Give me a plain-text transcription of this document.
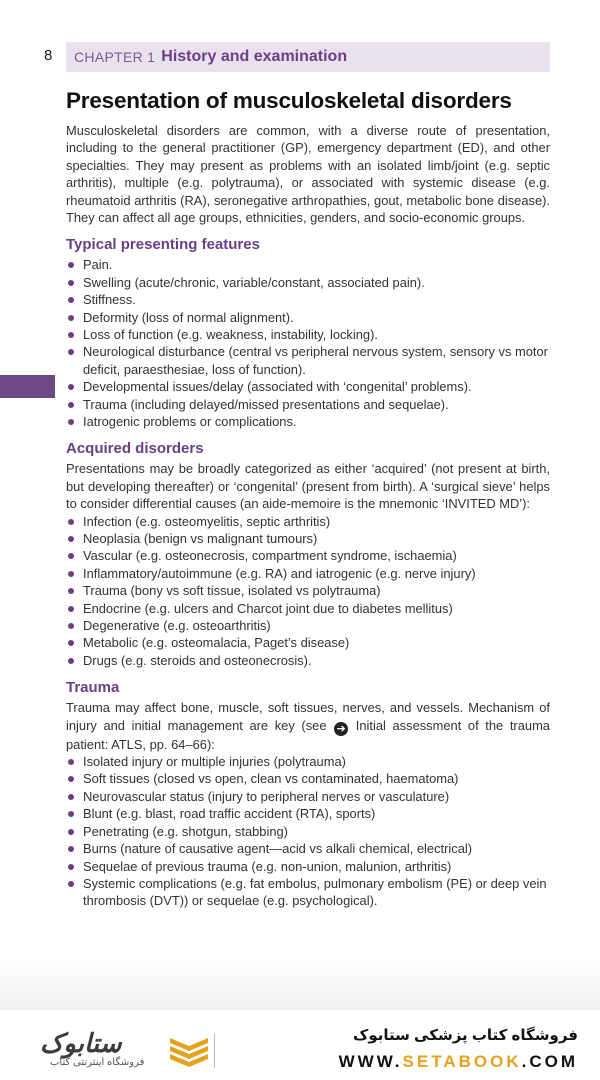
8 CHAPTER 1 History and examination
Presentation of musculoskeletal disorders

Musculoskeletal disorders are common, with a diverse route of presentation, including to the general practitioner (GP), emergency department (ED), and other specialties. They may present as problems with an isolated limb/joint (e.g. septic arthritis), multiple (e.g. polytrauma), or associated with systemic disease (e.g. rheumatoid arthritis (RA), seronegative arthropathies, gout, metabolic bone disease). They can affect all age groups, ethnicities, genders, and socio-economic groups.

Typical presenting features
Pain.
Swelling (acute/chronic, variable/constant, associated pain).
Stiffness.
Deformity (loss of normal alignment).
Loss of function (e.g. weakness, instability, locking).
Neurological disturbance (central vs peripheral nervous system, sensory vs motor deficit, paraesthesiae, loss of function).
Developmental issues/delay (associated with ‘congenital’ problems).
Trauma (including delayed/missed presentations and sequelae).
Iatrogenic problems or complications.
Acquired disorders

Presentations may be broadly categorized as either ‘acquired’ (not present at birth, but developing thereafter) or ‘congenital’ (present from birth). A ‘surgical sieve’ helps to consider differential causes (an aide-memoire is the mnemonic ‘INVITED MD’):

Infection (e.g. osteomyelitis, septic arthritis)
Neoplasia (benign vs malignant tumours)
Vascular (e.g. osteonecrosis, compartment syndrome, ischaemia)
Inflammatory/autoimmune (e.g. RA) and iatrogenic (e.g. nerve injury)
Trauma (bony vs soft tissue, isolated vs polytrauma)
Endocrine (e.g. ulcers and Charcot joint due to diabetes mellitus)
Degenerative (e.g. osteoarthritis)
Metabolic (e.g. osteomalacia, Paget’s disease)
Drugs (e.g. steroids and osteonecrosis).
Trauma

Trauma may affect bone, muscle, soft tissues, nerves, and vessels. Mechanism of injury and initial management are key (see ➔ Initial assessment of the trauma patient: ATLS, pp. 64–66):

Isolated injury or multiple injuries (polytrauma)
Soft tissues (closed vs open, clean vs contaminated, haematoma)
Neurovascular status (injury to peripheral nerves or vasculature)
Blunt (e.g. blast, road traffic accident (RTA), sports)
Penetrating (e.g. shotgun, stabbing)
Burns (nature of causative agent—acid vs alkali chemical, electrical)
Sequelae of previous trauma (e.g. non-union, malunion, arthritis)
Systemic complications (e.g. fat embolus, pulmonary embolism (PE) or deep vein thrombosis (DVT)) or sequelae (e.g. psychological).
ستابوک
فروشگاه اینترنتی کتاب
فروشگاه کتاب پزشکی ستابوک
WWW.SETABOOK.COM
